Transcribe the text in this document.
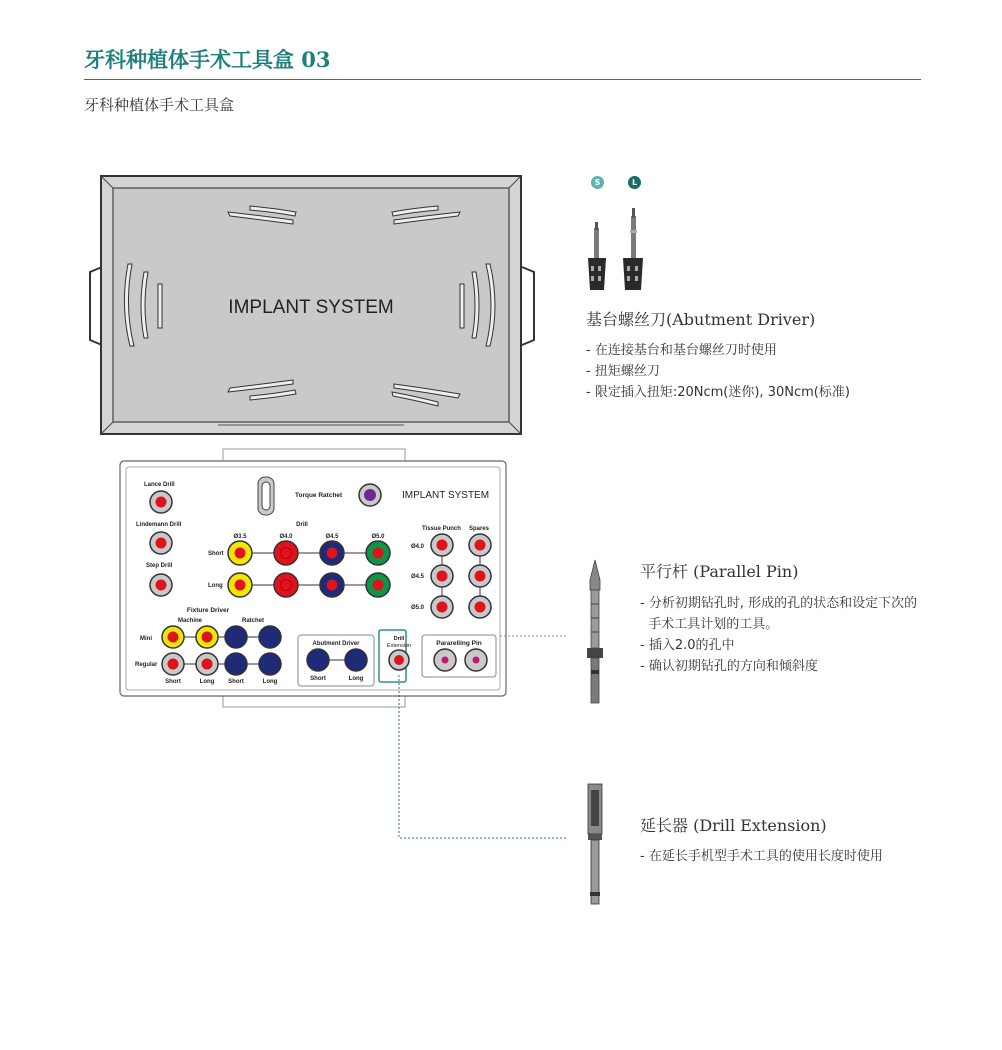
牙科种植体手术工具盒 03
牙科种植体手术工具盒
IMPLANT SYSTEM
Torque Ratchet	IMPLANT SYSTEM
Lance Drill
Lindemann Drill
Step Drill
Drill
Ø3.5	Ø4.0	Ø4.5	Ø5.0
Short
Long
Tissue Punch Spares
Ø4.0
Ø4.5
Ø5.0
Fixture Driver
Machine	Ratchet
Mini
Regular
Short	Long Short	Long
Abutment Driver
Short	Long
Drill
Extension	Pararelling Pin
S	L
基台螺丝刀(Abutment Driver)
- 在连接基台和基台螺丝刀时使用
- 扭矩螺丝刀
- 限定插入扭矩:20Ncm(迷你), 30Ncm(标准)
平行杆 (Parallel Pin)
- 分析初期钻孔时, 形成的孔的状态和设定下次的
手术工具计划的工具。
- 插入2.0的孔中
- 确认初期钻孔的方向和倾斜度
延长器 (Drill Extension)
- 在延长手机型手术工具的使用长度时使用
